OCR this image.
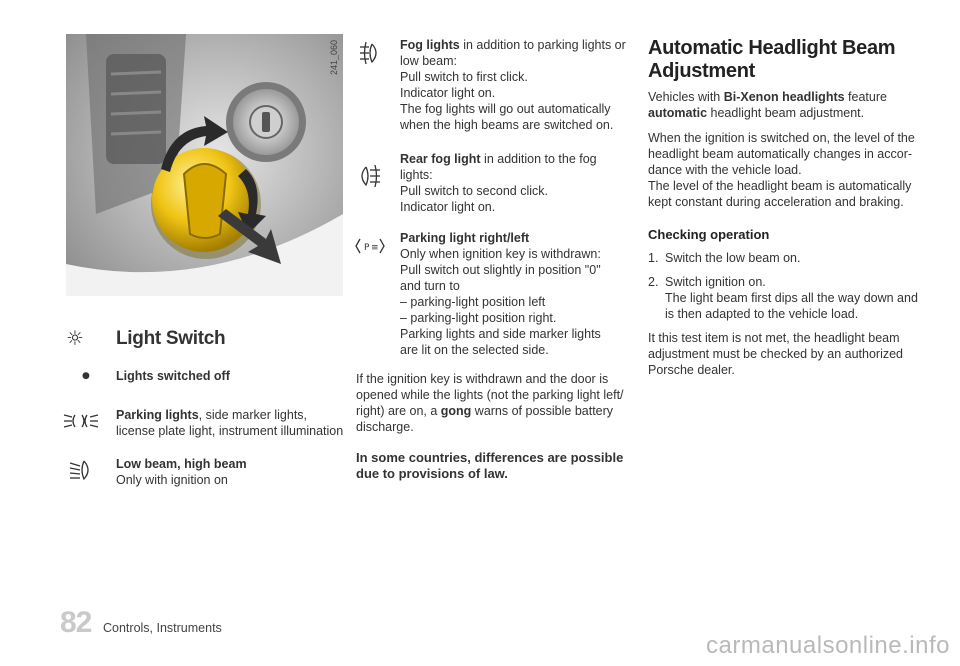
241_060
☼ Light Switch
● Lights switched off
Parking lights, side marker lights,
license plate light, instrument illumination
Low beam, high beam
Only with ignition on
Fog lights in addition to parking lights or
low beam:
Pull switch to first click.
Indicator light on.
The fog lights will go out automatically
when the high beams are switched on.
Rear fog light in addition to the fog
lights:
Pull switch to second click.
Indicator light on.
P ≡
Parking light right/left
Only when ignition key is withdrawn:
Pull switch out slightly in position "0"
and turn to
– parking-light position left
– parking-light position right.
Parking lights and side marker lights
are lit on the selected side.
If the ignition key is withdrawn and the door is
opened while the lights (not the parking light left/
right) are on, a gong warns of possible battery
discharge.
In some countries, differences are possible
due to provisions of law.
Automatic Headlight Beam
Adjustment
Vehicles with Bi-Xenon headlights feature
automatic headlight beam adjustment.
When the ignition is switched on, the level of the
headlight beam automatically changes in accor-
dance with the vehicle load.
The level of the headlight beam is automatically
kept constant during acceleration and braking.
Checking operation
1. Switch the low beam on.
2. Switch ignition on.
The light beam first dips all the way down and
is then adapted to the vehicle load.
It this test item is not met, the headlight beam
adjustment must be checked by an authorized
Porsche dealer.
82 Controls, Instruments
carmanualsonline.info
